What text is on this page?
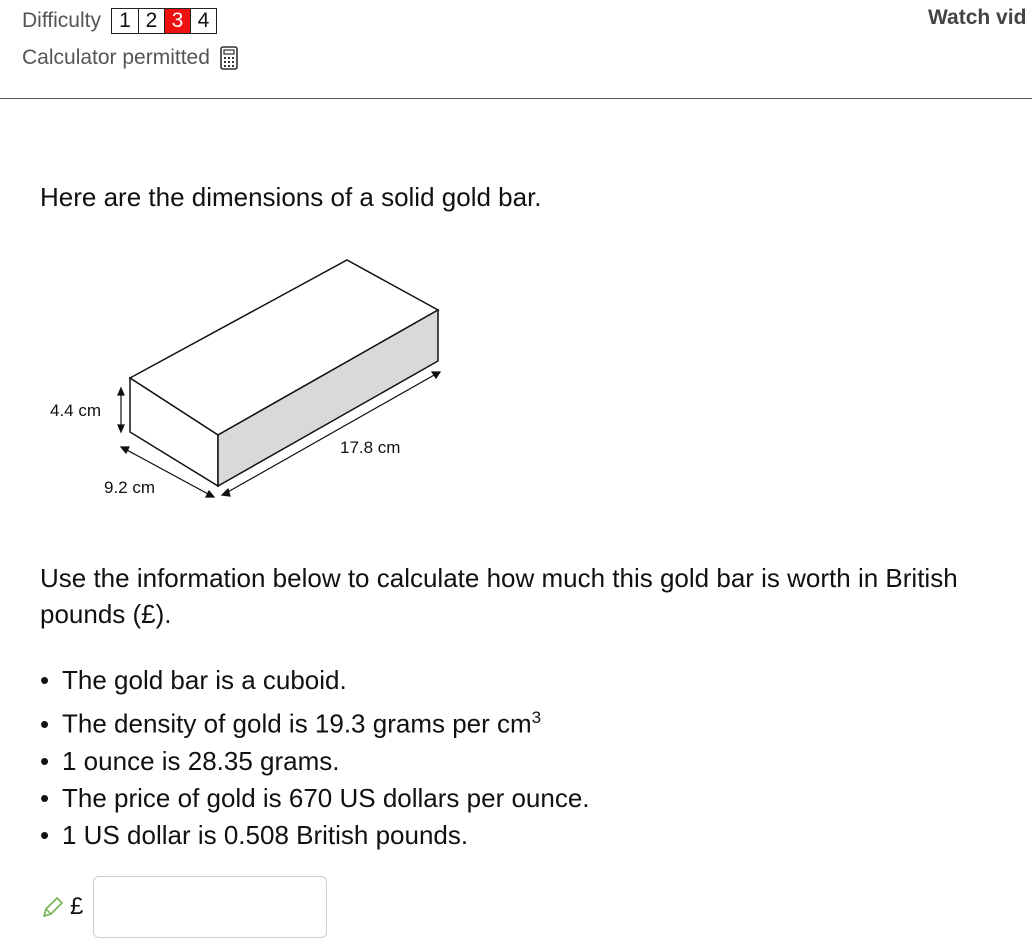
Difficulty 1 2 3 4
Calculator permitted
Watch vid
Here are the dimensions of a solid gold bar.
4.4 cm
9.2 cm
17.8 cm
Use the information below to calculate how much this gold bar is worth in British pounds (£).
• The gold bar is a cuboid.
• The density of gold is 19.3 grams per $cm^3$
• 1 ounce is 28.35 grams.
• The price of gold is 670 US dollars per ounce.
• 1 US dollar is 0.508 British pounds.
£
